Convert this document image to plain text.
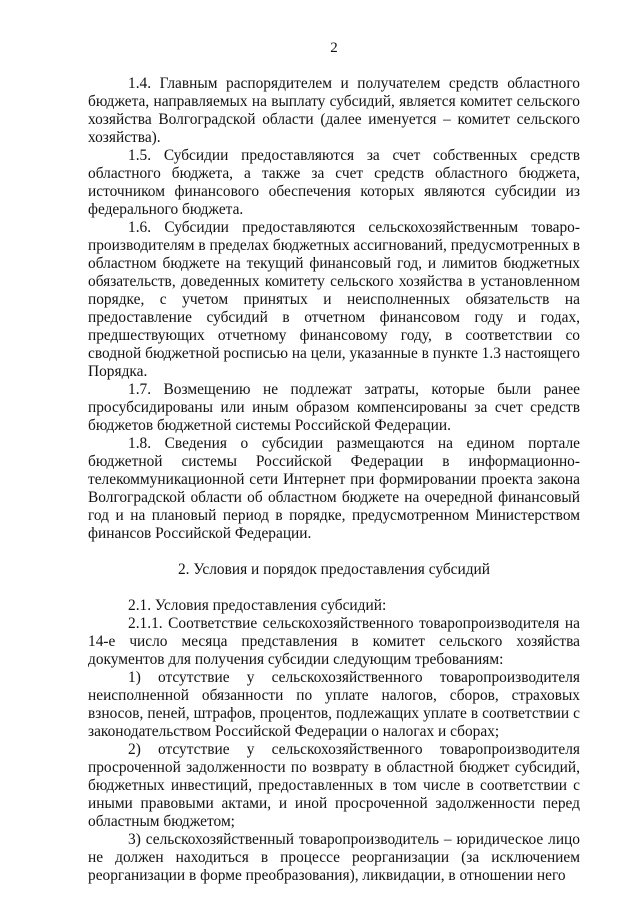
2

1.4. Главным распорядителем и получателем средств областного бюджета, направляемых на выплату субсидий, является комитет сельского хозяйства Волгоградской области (далее именуется – комитет сельского хозяйства).

1.5. Субсидии предоставляются за счет собственных средств областного бюджета, а также за счет средств областного бюджета, источником финансового обеспечения которых являются субсидии из федерального бюджета.

1.6. Субсидии предоставляются сельскохозяйственным товаро-производителям в пределах бюджетных ассигнований, предусмотренных в областном бюджете на текущий финансовый год, и лимитов бюджетных обязательств, доведенных комитету сельского хозяйства в установленном порядке, с учетом принятых и неисполненных обязательств на предоставление субсидий в отчетном финансовом году и годах, предшествующих отчетному финансовому году, в соответствии со сводной бюджетной росписью на цели, указанные в пункте 1.3 настоящего Порядка.

1.7. Возмещению не подлежат затраты, которые были ранее просубсидированы или иным образом компенсированы за счет средств бюджетов бюджетной системы Российской Федерации.

1.8. Сведения о субсидии размещаются на едином портале бюджетной системы Российской Федерации в информационно-телекоммуникационной сети Интернет при формировании проекта закона Волгоградской области об областном бюджете на очередной финансовый год и на плановый период в порядке, предусмотренном Министерством финансов Российской Федерации.

2. Условия и порядок предоставления субсидий

2.1. Условия предоставления субсидий:

2.1.1. Соответствие сельскохозяйственного товаропроизводителя на 14-е число месяца представления в комитет сельского хозяйства документов для получения субсидии следующим требованиям:

1) отсутствие у сельскохозяйственного товаропроизводителя неисполненной обязанности по уплате налогов, сборов, страховых взносов, пеней, штрафов, процентов, подлежащих уплате в соответствии с законодательством Российской Федерации о налогах и сборах;

2) отсутствие у сельскохозяйственного товаропроизводителя просроченной задолженности по возврату в областной бюджет субсидий, бюджетных инвестиций, предоставленных в том числе в соответствии с иными правовыми актами, и иной просроченной задолженности перед областным бюджетом;

3) сельскохозяйственный товаропроизводитель – юридическое лицо не должен находиться в процессе реорганизации (за исключением реорганизации в форме преобразования), ликвидации, в отношении него
